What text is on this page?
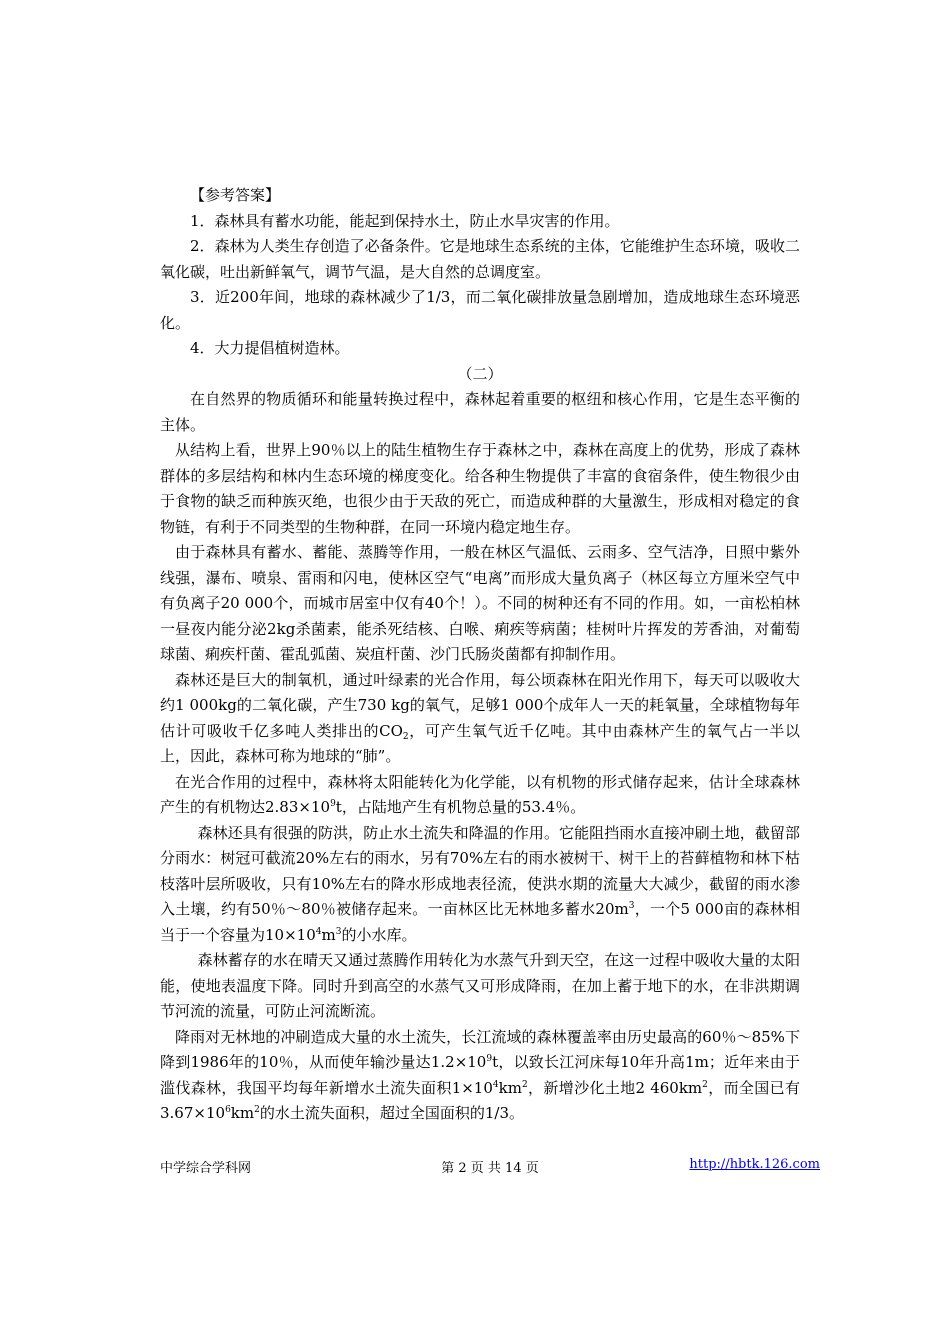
【参考答案】

1．森林具有蓄水功能，能起到保持水土，防止水旱灾害的作用。

2．森林为人类生存创造了必备条件。它是地球生态系统的主体，它能维护生态环境，吸收二氧化碳，吐出新鲜氧气，调节气温，是大自然的总调度室。

3．近200年间，地球的森林减少了1/3，而二氧化碳排放量急剧增加，造成地球生态环境恶化。

4．大力提倡植树造林。

（二）

在自然界的物质循环和能量转换过程中，森林起着重要的枢纽和核心作用，它是生态平衡的主体。

从结构上看，世界上90％以上的陆生植物生存于森林之中，森林在高度上的优势，形成了森林群体的多层结构和林内生态环境的梯度变化。给各种生物提供了丰富的食宿条件，使生物很少由于食物的缺乏而种族灭绝，也很少由于天敌的死亡，而造成种群的大量激生，形成相对稳定的食物链，有利于不同类型的生物种群，在同一环境内稳定地生存。

由于森林具有蓄水、蓄能、蒸腾等作用，一般在林区气温低、云雨多、空气洁净，日照中紫外线强，瀑布、喷泉、雷雨和闪电，使林区空气“电离”而形成大量负离子（林区每立方厘米空气中有负离子20 000个，而城市居室中仅有40个！）。不同的树种还有不同的作用。如，一亩松柏林一昼夜内能分泌2kg杀菌素，能杀死结核、白喉、痢疾等病菌；桂树叶片挥发的芳香油，对葡萄球菌、痢疾杆菌、霍乱弧菌、炭疽杆菌、沙门氏肠炎菌都有抑制作用。

森林还是巨大的制氧机，通过叶绿素的光合作用，每公顷森林在阳光作用下，每天可以吸收大约1 000kg的二氧化碳，产生730 kg的氧气，足够1 000个成年人一天的耗氧量，全球植物每年估计可吸收千亿多吨人类排出的$CO_2$，可产生氧气近千亿吨。其中由森林产生的氧气占一半以上，因此，森林可称为地球的“肺”。

在光合作用的过程中，森林将太阳能转化为化学能，以有机物的形式储存起来，估计全球森林产生的有机物达$2.83\times 10^9t$，占陆地产生有机物总量的53.4％。

森林还具有很强的防洪，防止水土流失和降温的作用。它能阻挡雨水直接冲刷土地，截留部分雨水：树冠可截流20%左右的雨水，另有70%左右的雨水被树干、树干上的苔藓植物和林下枯枝落叶层所吸收，只有10%左右的降水形成地表径流，使洪水期的流量大大减少，截留的雨水渗入土壤，约有50％～80％被储存起来。一亩林区比无林地多蓄水$20m^3$，一个5 000亩的森林相当于一个容量为$10\times 10^4m^3$的小水库。

森林蓄存的水在晴天又通过蒸腾作用转化为水蒸气升到天空，在这一过程中吸收大量的太阳能，使地表温度下降。同时升到高空的水蒸气又可形成降雨，在加上蓄于地下的水，在非洪期调节河流的流量，可防止河流断流。

降雨对无林地的冲刷造成大量的水土流失，长江流域的森林覆盖率由历史最高的60％～85%下降到1986年的10％，从而使年输沙量达$1.2\times 10^9t$，以致长江河床每10年升高1m；近年来由于滥伐森林，我国平均每年新增水土流失面积$1\times 10^4km^2$，新增沙化土地2 $460km^2$，而全国已有$3.67\times 10^6km^2$的水土流失面积，超过全国面积的1/3。

中学综合学科网	第 2 页 共 14 页	http://hbtk.126.com
